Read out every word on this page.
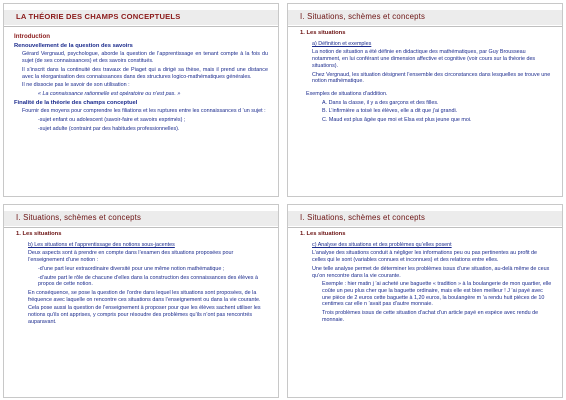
LA THÉORIE DES CHAMPS CONCEPTUELS

Introduction

Renouvellement de la question des savoirs

Gérard Vergnaud, psychologue, aborde la question de l’apprentissage en tenant compte à la fois du sujet (de ses connaissances) et des savoirs constitués.

Il s’inscrit dans la continuité des travaux de Piaget qui a dirigé sa thèse, mais il prend une distance avec la réorganisation des connaissances dans des structures logico-mathématiques générales.

Il ne dissocie pas le savoir de son utilisation :

« La connaissance rationnelle est opératoire ou n’est pas. »

Finalité de la théorie des champs conceptuel

Fournir des moyens pour comprendre les filiations et les ruptures entre les connaissances d ’un sujet :

-sujet enfant ou adolescent (savoir-faire et savoirs exprimés) ;

-sujet adulte (contraint par des habitudes professionnelles).

I. Situations, schèmes et concepts

1. Les situations

a) Définition et exemples

La notion de situation a été définie en didactique des mathématiques, par Guy Brousseau notamment, en lui conférant une dimension affective et cognitive (voir cours sur la théorie des situations).

Chez Vergnaud, les situation désignent l’ensemble des circonstances dans lesquelles se trouve une notion mathématique.

Exemples de situations d’addition.

A. Dans la classe, il y a des garçons et des filles.

B. L’infirmière a toisé les élèves, elle a dit que j’ai grandi.

C. Maud est plus âgée que moi et Elsa est plus jeune que moi.

I. Situations, schèmes et concepts

1. Les situations

b) Les situations et l’apprentissage des notions sous-jacentes

Deux aspects sont à prendre en compte dans l’examen des situations proposées pour l’enseignement d’une notion :

-d’une part leur extraordinaire diversité pour une même notion mathématique ;

-d’autre part le rôle de chacune d’elles dans la construction des connaissances des élèves à propos de cette notion.

En conséquence, se pose la question de l’ordre dans lequel les situations sont proposées, de la fréquence avec laquelle on rencontre ces situations dans l’enseignement ou dans la vie courante.

Cela pose aussi la question de l’enseignement à proposer pour que les élèves sachent utiliser les notions qu’ils ont apprises, y compris pour résoudre des problèmes qu’ils n’ont pas rencontrés auparavant.

I. Situations, schèmes et concepts

1. Les situations

c) Analyse des situations et des problèmes qu’elles posent

L’analyse des situations conduit à négliger les informations peu ou pas pertinentes au profit de celles qui le sont (variables connues et inconnues) et des relations entre elles.

Une telle analyse permet de déterminer les problèmes issus d’une situation, au-delà même de ceux qu’on rencontre dans la vie courante.

Exemple : hier matin j ’ai acheté une baguette « tradition » à la boulangerie de mon quartier, elle coûte un peu plus cher que la baguette ordinaire, mais elle est bien meilleur ! J ’ai payé avec une pièce de 2 euros cette baguette à 1,20 euros, la boulangère m ’a rendu huit pièces de 10 centimes car elle n ’avait pas d’autre monnaie.

Trois problèmes issus de cette situation d’achat d’un article payé en espèce avec rendu de monnaie.
